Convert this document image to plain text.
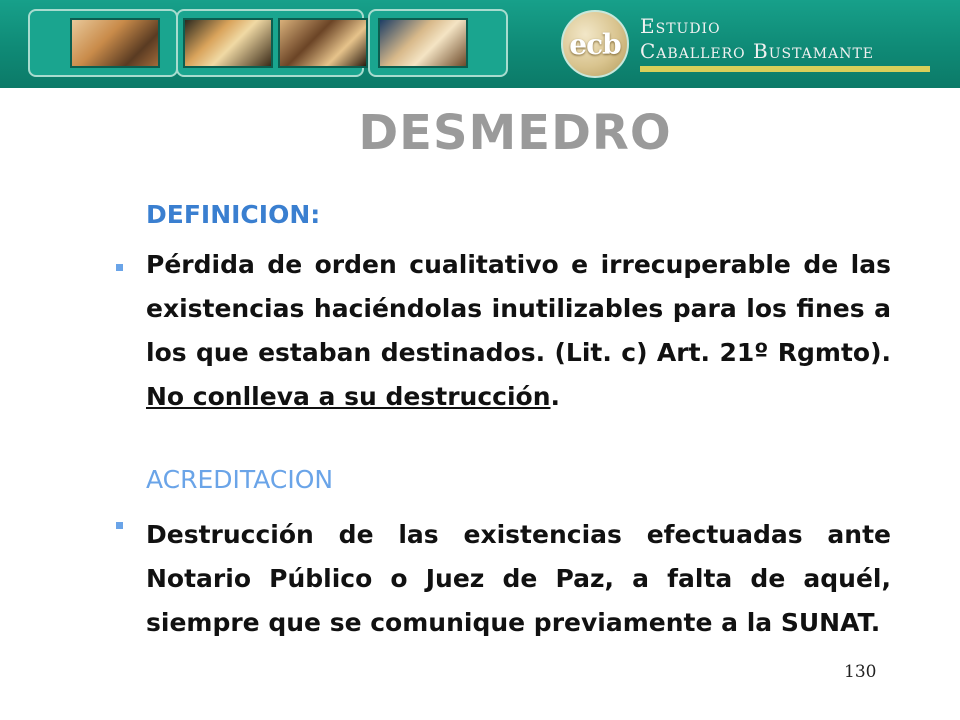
ecb
Estudio
Caballero Bustamante
DESMEDRO
DEFINICION:
Pérdida de orden cualitativo e irrecuperable de las existencias haciéndolas inutilizables para los fines a los que estaban destinados. (Lit. c) Art. 21º Rgmto). No conlleva a su destrucción.
ACREDITACION
Destrucción de las existencias efectuadas ante Notario Público o Juez de Paz, a falta de aquél, siempre que se comunique previamente a la SUNAT.
130
